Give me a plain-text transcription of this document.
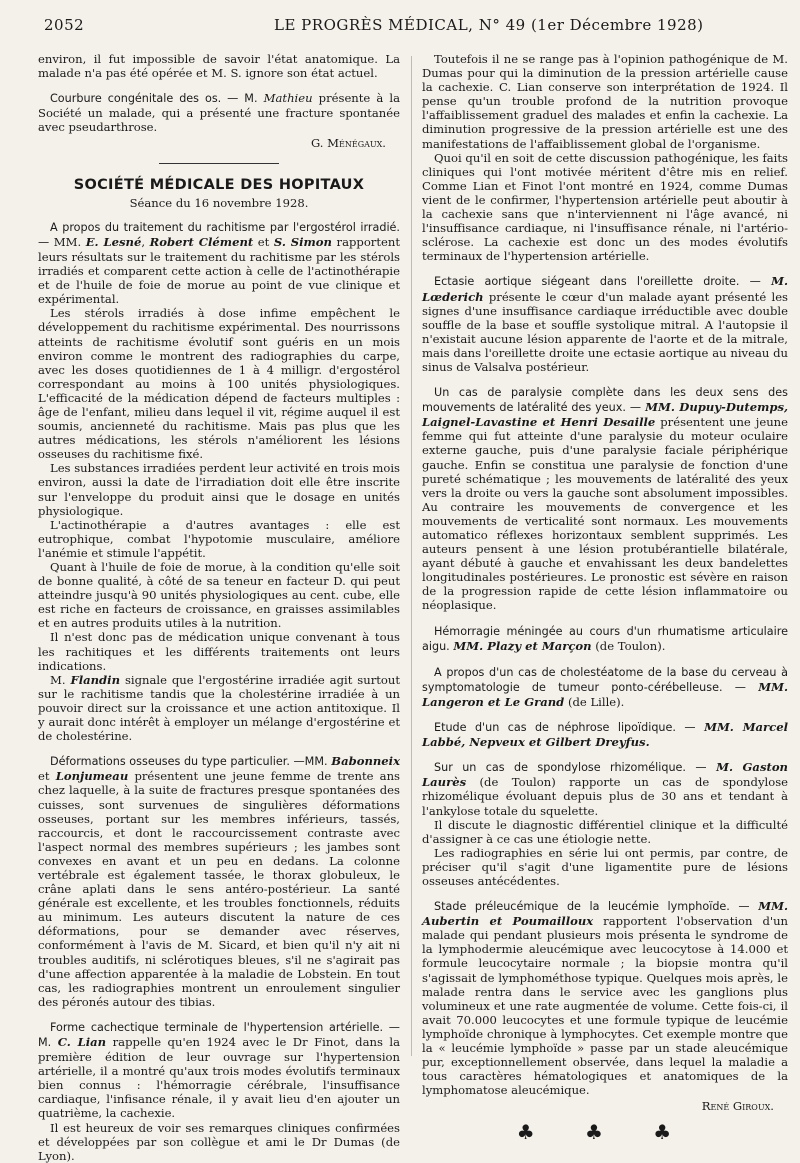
2052	LE PROGRÈS MÉDICAL, N° 49 (1er Décembre 1928)

environ, il fut impossible de savoir l'état anatomique. La malade n'a pas été opérée et M. S. ignore son état actuel.

Courbure congénitale des os. — M. Mathieu présente à la Société un malade, qui a présenté une fracture spontanée avec pseudarthrose.

G. Ménégaux.
SOCIÉTÉ MÉDICALE DES HOPITAUX
Séance du 16 novembre 1928.

A propos du traitement du rachitisme par l'ergostérol irradié. — MM. E. Lesné, Robert Clément et S. Simon rapportent leurs résultats sur le traitement du rachitisme par les stérols irradiés et comparent cette action à celle de l'actinothérapie et de l'huile de foie de morue au point de vue clinique et expérimental.

Les stérols irradiés à dose infime empêchent le développement du rachitisme expérimental. Des nourrissons atteints de rachitisme évolutif sont guéris en un mois environ comme le montrent des radiographies du carpe, avec les doses quotidiennes de 1 à 4 milligr. d'ergostérol correspondant au moins à 100 unités physiologiques. L'efficacité de la médication dépend de facteurs multiples : âge de l'enfant, milieu dans lequel il vit, régime auquel il est soumis, ancienneté du rachitisme. Mais pas plus que les autres médications, les stérols n'améliorent les lésions osseuses du rachitisme fixé.

Les substances irradiées perdent leur activité en trois mois environ, aussi la date de l'irradiation doit elle être inscrite sur l'enveloppe du produit ainsi que le dosage en unités physiologique.

L'actinothérapie a d'autres avantages : elle est eutrophique, combat l'hypotomie musculaire, améliore l'anémie et stimule l'appétit.

Quant à l'huile de foie de morue, à la condition qu'elle soit de bonne qualité, à côté de sa teneur en facteur D. qui peut atteindre jusqu'à 90 unités physiologiques au cent. cube, elle est riche en facteurs de croissance, en graisses assimilables et en autres produits utiles à la nutrition.

Il n'est donc pas de médication unique convenant à tous les rachitiques et les différents traitements ont leurs indications.

M. Flandin signale que l'ergostérine irradiée agit surtout sur le rachitisme tandis que la cholestérine irradiée à un pouvoir direct sur la croissance et une action antitoxique. Il y aurait donc intérêt à employer un mélange d'ergostérine et de cholestérine.

Déformations osseuses du type particulier. —MM. Babonneix et Lonjumeau présentent une jeune femme de trente ans chez laquelle, à la suite de fractures presque spontanées des cuisses, sont survenues de singulières déformations osseuses, portant sur les membres inférieurs, tassés, raccourcis, et dont le raccourcissement contraste avec l'aspect normal des membres supérieurs ; les jambes sont convexes en avant et un peu en dedans. La colonne vertébrale est également tassée, le thorax globuleux, le crâne aplati dans le sens antéro-postérieur. La santé générale est excellente, et les troubles fonctionnels, réduits au minimum. Les auteurs discutent la nature de ces déformations, pour se demander avec réserves, conformément à l'avis de M. Sicard, et bien qu'il n'y ait ni troubles auditifs, ni sclérotiques bleues, s'il ne s'agirait pas d'une affection apparentée à la maladie de Lobstein. En tout cas, les radiographies montrent un enroulement singulier des péronés autour des tibias.

Forme cachectique terminale de l'hypertension artérielle. — M. C. Lian rappelle qu'en 1924 avec le Dr Finot, dans la première édition de leur ouvrage sur l'hypertension artérielle, il a montré qu'aux trois modes évolutifs terminaux bien connus : l'hémorragie cérébrale, l'insuffisance cardiaque, l'infisance rénale, il y avait lieu d'en ajouter un quatrième, la cachexie.

Il est heureux de voir ses remarques cliniques confirmées et développées par son collègue et ami le Dr Dumas (de Lyon).

Toutefois il ne se range pas à l'opinion pathogénique de M. Dumas pour qui la diminution de la pression artérielle cause la cachexie. C. Lian conserve son interprétation de 1924. Il pense qu'un trouble profond de la nutrition provoque l'affaiblissement graduel des malades et enfin la cachexie. La diminution progressive de la pression artérielle est une des manifestations de l'affaiblissement global de l'organisme.

Quoi qu'il en soit de cette discussion pathogénique, les faits cliniques qui l'ont motivée méritent d'être mis en relief. Comme Lian et Finot l'ont montré en 1924, comme Dumas vient de le confirmer, l'hypertension artérielle peut aboutir à la cachexie sans que n'interviennent ni l'âge avancé, ni l'insuffisance cardiaque, ni l'insuffisance rénale, ni l'artério-sclérose. La cachexie est donc un des modes évolutifs terminaux de l'hypertension artérielle.

Ectasie aortique siégeant dans l'oreillette droite. — M. Lœderich présente le cœur d'un malade ayant présenté les signes d'une insuffisance cardiaque irréductible avec double souffle de la base et souffle systolique mitral. A l'autopsie il n'existait aucune lésion apparente de l'aorte et de la mitrale, mais dans l'oreillette droite une ectasie aortique au niveau du sinus de Valsalva postérieur.

Un cas de paralysie complète dans les deux sens des mouvements de latéralité des yeux. — MM. Dupuy-Dutemps, Laignel-Lavastine et Henri Desaille présentent une jeune femme qui fut atteinte d'une paralysie du moteur oculaire externe gauche, puis d'une paralysie faciale périphérique gauche. Enfin se constitua une paralysie de fonction d'une pureté schématique ; les mouvements de latéralité des yeux vers la droite ou vers la gauche sont absolument impossibles. Au contraire les mouvements de convergence et les mouvements de verticalité sont normaux. Les mouvements automatico réflexes horizontaux semblent supprimés. Les auteurs pensent à une lésion protubérantielle bilatérale, ayant débuté à gauche et envahissant les deux bandelettes longitudinales postérieures. Le pronostic est sévère en raison de la progression rapide de cette lésion inflammatoire ou néoplasique.

Hémorragie méningée au cours d'un rhumatisme articulaire aigu. MM. Plazy et Marçon (de Toulon).

A propos d'un cas de cholestéatome de la base du cerveau à symptomatologie de tumeur ponto-cérébelleuse. — MM. Langeron et Le Grand (de Lille).

Etude d'un cas de néphrose lipoïdique. — MM. Marcel Labbé, Nepveux et Gilbert Dreyfus.

Sur un cas de spondylose rhizomélique. — M. Gaston Laurès (de Toulon) rapporte un cas de spondylose rhizomélique évoluant depuis plus de 30 ans et tendant à l'ankylose totale du squelette.

Il discute le diagnostic différentiel clinique et la difficulté d'assigner à ce cas une étiologie nette.

Les radiographies en série lui ont permis, par contre, de préciser qu'il s'agit d'une ligamentite pure de lésions osseuses antécédentes.

Stade préleucémique de la leucémie lymphoïde. — MM. Aubertin et Poumailloux rapportent l'observation d'un malade qui pendant plusieurs mois présenta le syndrome de la lymphodermie aleucémique avec leucocytose à 14.000 et formule leucocytaire normale ; la biopsie montra qu'il s'agissait de lymphométhose typique. Quelques mois après, le malade rentra dans le service avec les ganglions plus volumineux et une rate augmentée de volume. Cette fois-ci, il avait 70.000 leucocytes et une formule typique de leucémie lymphoïde chronique à lymphocytes. Cet exemple montre que la « leucémie lymphoïde » passe par un stade aleucémique pur, exceptionnellement observée, dans lequel la maladie a tous caractères hématologiques et anatomiques de la lymphomatose aleucémique.

René Giroux.
♣ ♣ ♣
